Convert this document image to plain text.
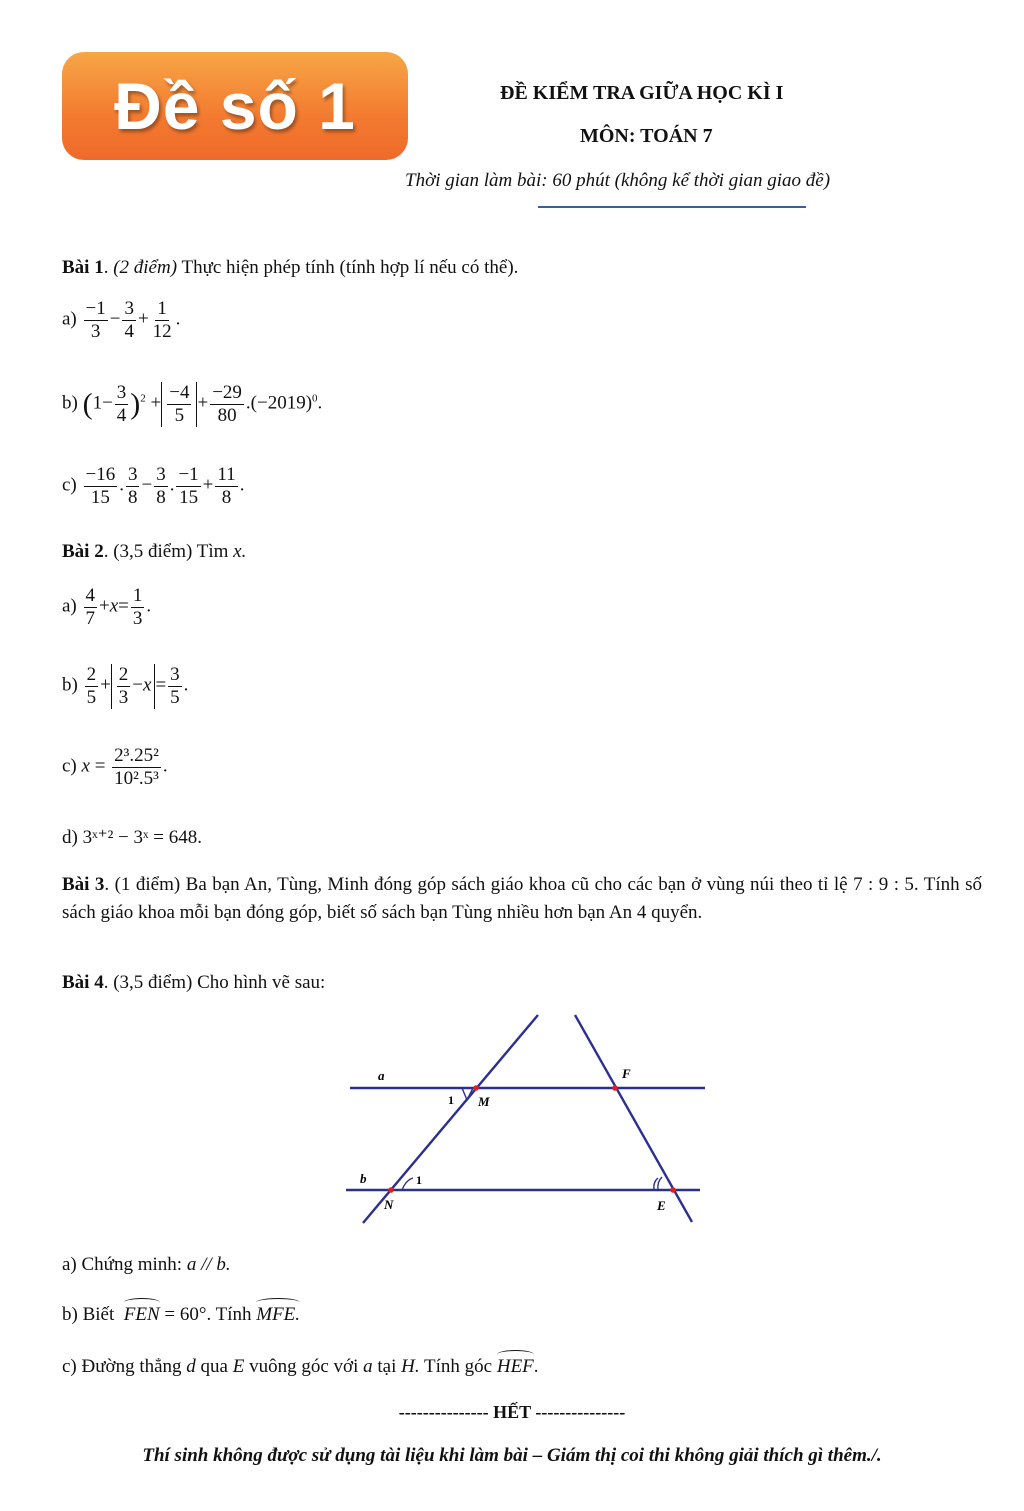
Đề số 1	ĐỀ KIỂM TRA GIỮA HỌC KÌ I
MÔN: TOÁN 7
Thời gian làm bài: 60 phút (không kể thời gian giao đề)
Bài 1. (2 điểm) Thực hiện phép tính (tính hợp lí nếu có thể).
$a) \frac{-1}{3} - \frac{3}{4} + \frac{1}{12}$ .
b) $(1- \frac{3}{4} )^2 + \frac{-4}{5} + \frac{-29}{80} .(-2019)^0$.
$c) \frac{-16}{15}$ . $\frac{3}{8} - \frac{3}{8}$ . $\frac{-1}{15} + \frac{11}{8}$ .
Bài 2. (3,5 điểm) Tìm x.
$a) \frac{4}{7} +x= \frac{1}{3}$ .
$b) \frac{2}{5} + \frac{2}{3} -x = \frac{3}{5}$ .
c) $x = \frac{\text{2³.25²}}{\text{10².5³}}$ .
d) 3ˣ⁺² − 3ˣ = 648.
Bài 3. (1 điểm) Ba bạn An, Tùng, Minh đóng góp sách giáo khoa cũ cho các bạn ở vùng núi theo tỉ lệ 7 : 9 : 5. Tính số sách giáo khoa mỗi bạn đóng góp, biết số sách bạn Tùng nhiều hơn bạn An 4 quyển.
Bài 4. (3,5 điểm) Cho hình vẽ sau:
a
b
M
1
1
N
F
E
a) Chứng minh: a // b.
b) Biết FEN = 60°. Tính MFE.
c) Đường thẳng d qua E vuông góc với a tại H. Tính góc HEF.
--------------- HẾT ---------------
Thí sinh không được sử dụng tài liệu khi làm bài – Giám thị coi thi không giải thích gì thêm./.
